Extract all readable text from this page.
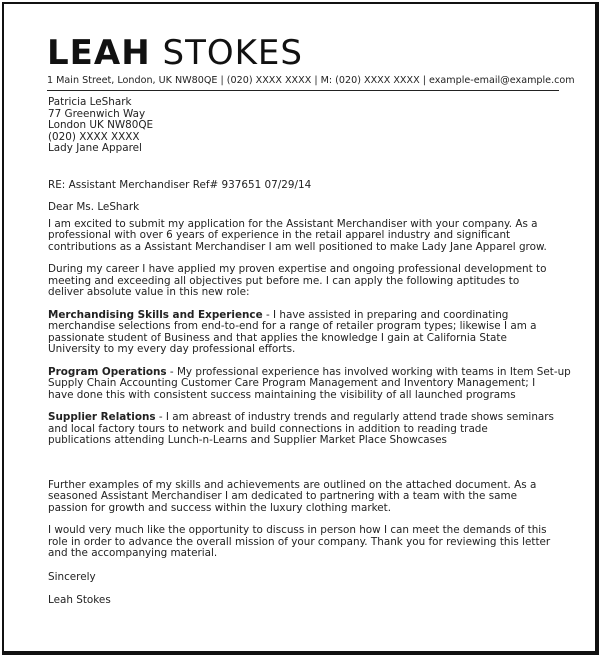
LEAH STOKES
1 Main Street, London, UK NW80QE | (020) XXXX XXXX | M: (020) XXXX XXXX | example-email@example.com
Patricia LeShark
77 Greenwich Way
London UK NW80QE
(020) XXXX XXXX
Lady Jane Apparel
RE: Assistant Merchandiser Ref# 937651 07/29/14
Dear Ms. LeShark
I am excited to submit my application for the Assistant Merchandiser with your company. As a
professional with over 6 years of experience in the retail apparel industry and significant
contributions as a Assistant Merchandiser I am well positioned to make Lady Jane Apparel grow.
During my career I have applied my proven expertise and ongoing professional development to
meeting and exceeding all objectives put before me. I can apply the following aptitudes to
deliver absolute value in this new role:
Merchandising Skills and Experience - I have assisted in preparing and coordinating
merchandise selections from end-to-end for a range of retailer program types; likewise I am a
passionate student of Business and that applies the knowledge I gain at California State
University to my every day professional efforts.
Program Operations - My professional experience has involved working with teams in Item Set-up
Supply Chain Accounting Customer Care Program Management and Inventory Management; I
have done this with consistent success maintaining the visibility of all launched programs
Supplier Relations - I am abreast of industry trends and regularly attend trade shows seminars
and local factory tours to network and build connections in addition to reading trade
publications attending Lunch-n-Learns and Supplier Market Place Showcases
Further examples of my skills and achievements are outlined on the attached document. As a
seasoned Assistant Merchandiser I am dedicated to partnering with a team with the same
passion for growth and success within the luxury clothing market.
I would very much like the opportunity to discuss in person how I can meet the demands of this
role in order to advance the overall mission of your company. Thank you for reviewing this letter
and the accompanying material.
Sincerely
Leah Stokes
